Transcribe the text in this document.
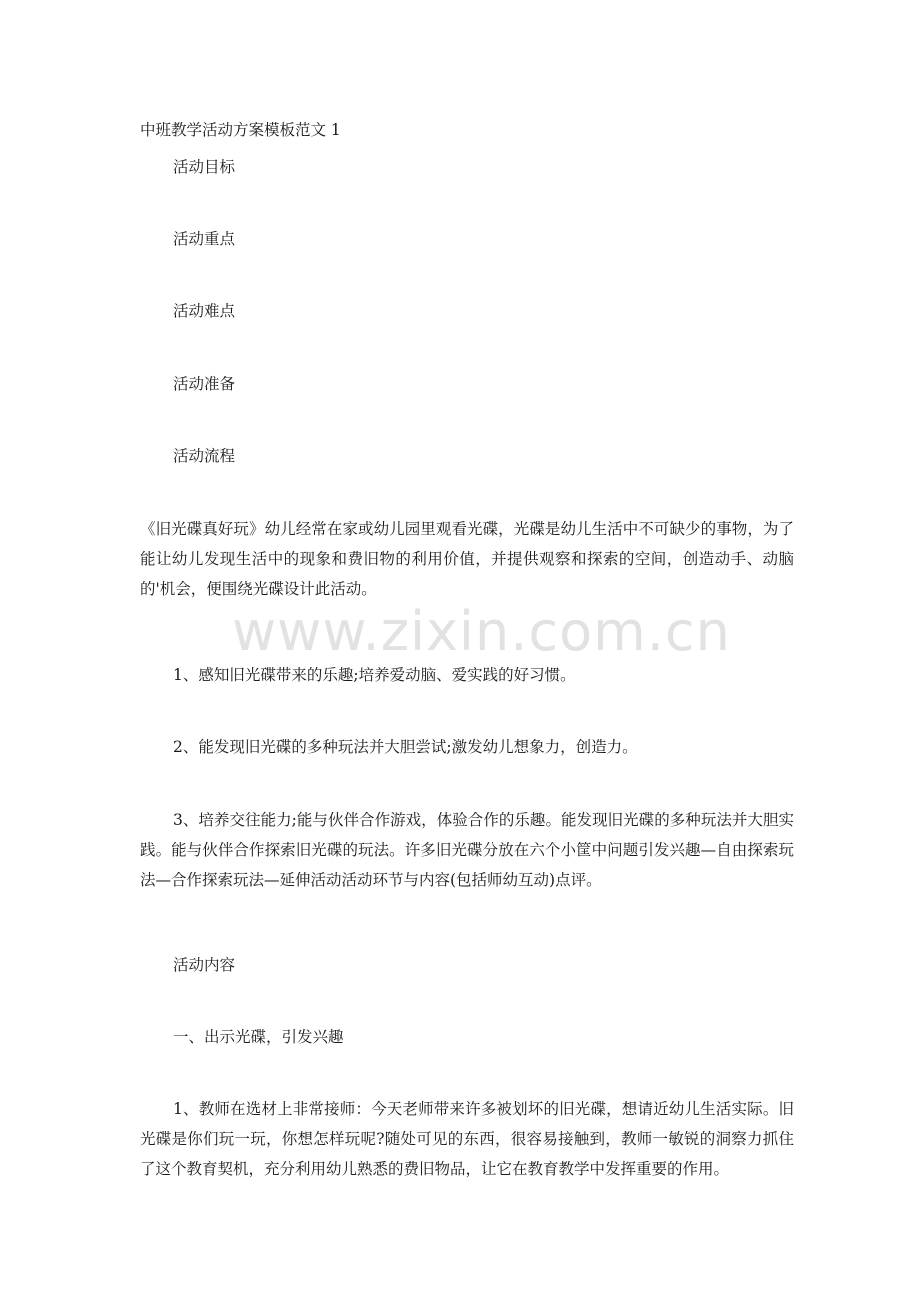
www.zixin.com.cn
中班教学活动方案模板范文 1
活动目标
活动重点
活动难点
活动准备
活动流程
《旧光碟真好玩》幼儿经常在家或幼儿园里观看光碟，光碟是幼儿生活中不可缺少的事物，为了能让幼儿发现生活中的现象和费旧物的利用价值，并提供观察和探索的空间，创造动手、动脑的'机会，便围绕光碟设计此活动。
1、感知旧光碟带来的乐趣;培养爱动脑、爱实践的好习惯。
2、能发现旧光碟的多种玩法并大胆尝试;激发幼儿想象力，创造力。
3、培养交往能力;能与伙伴合作游戏，体验合作的乐趣。能发现旧光碟的多种玩法并大胆实践。能与伙伴合作探索旧光碟的玩法。许多旧光碟分放在六个小筐中问题引发兴趣—自由探索玩法—合作探索玩法—延伸活动活动环节与内容(包括师幼互动)点评。
活动内容
一、出示光碟，引发兴趣
1、教师在选材上非常接师：今天老师带来许多被划坏的旧光碟，想请近幼儿生活实际。旧光碟是你们玩一玩，你想怎样玩呢?随处可见的东西，很容易接触到，教师一敏锐的洞察力抓住了这个教育契机，充分利用幼儿熟悉的费旧物品，让它在教育教学中发挥重要的作用。
